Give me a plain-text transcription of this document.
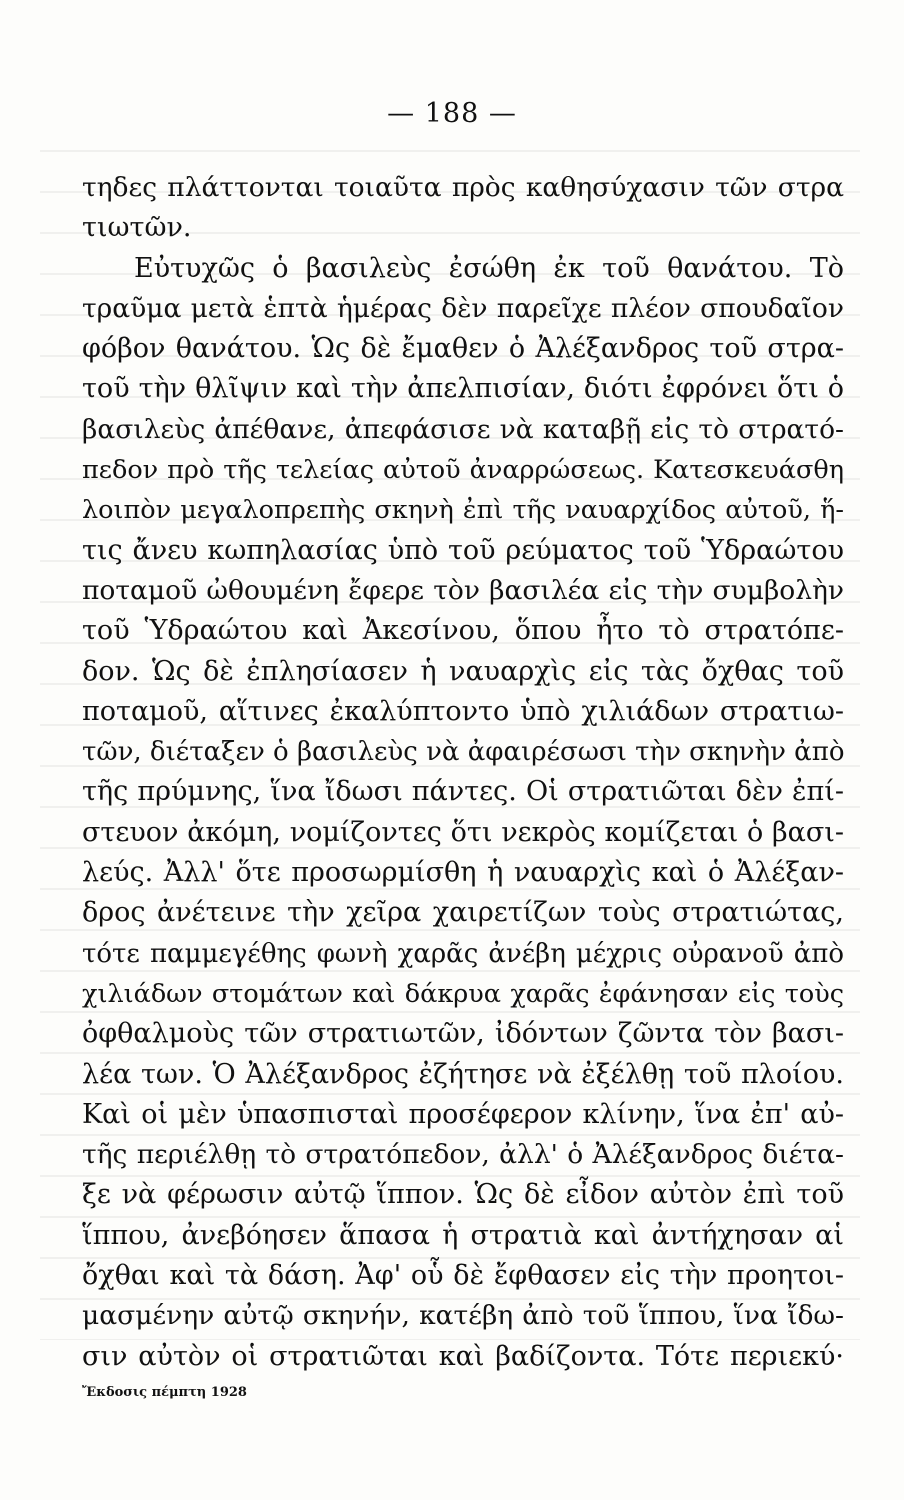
— 188 —
τηδες πλάττονται τοιαῦτα πρὸς καθησύχασιν τῶν στρα
τιωτῶν.
Εὐτυχῶς ὁ βασιλεὺς ἐσώθη ἐκ τοῦ θανάτου. Τὸ
τραῦμα μετὰ ἑπτὰ ἡμέρας δὲν παρεῖχε πλέον σπουδαῖον
φόβον θανάτου. Ὡς δὲ ἔμαθεν ὁ Ἀλέξανδρος τοῦ στρα-
τοῦ τὴν θλῖψιν καὶ τὴν ἀπελπισίαν, διότι ἐφρόνει ὅτι ὁ
βασιλεὺς ἀπέθανε, ἀπεφάσισε νὰ καταβῇ εἰς τὸ στρατό-
πεδον πρὸ τῆς τελείας αὐτοῦ ἀναρρώσεως. Κατεσκευάσθη
λοιπὸν μεγαλοπρεπὴς σκηνὴ ἐπὶ τῆς ναυαρχίδος αὐτοῦ, ἥ-
τις ἄνευ κωπηλασίας ὑπὸ τοῦ ρεύματος τοῦ Ὑδραώτου
ποταμοῦ ὠθουμένη ἔφερε τὸν βασιλέα εἰς τὴν συμβολὴν
τοῦ Ὑδραώτου καὶ Ἀκεσίνου, ὅπου ἦτο τὸ στρατόπε-
δον. Ὡς δὲ ἐπλησίασεν ἡ ναυαρχὶς εἰς τὰς ὄχθας τοῦ
ποταμοῦ, αἵτινες ἐκαλύπτοντο ὑπὸ χιλιάδων στρατιω-
τῶν, διέταξεν ὁ βασιλεὺς νὰ ἀφαιρέσωσι τὴν σκηνὴν ἀπὸ
τῆς πρύμνης, ἵνα ἴδωσι πάντες. Οἱ στρατιῶται δὲν ἐπί-
στευον ἀκόμη, νομίζοντες ὅτι νεκρὸς κομίζεται ὁ βασι-
λεύς. Ἀλλ' ὅτε προσωρμίσθη ἡ ναυαρχὶς καὶ ὁ Ἀλέξαν-
δρος ἀνέτεινε τὴν χεῖρα χαιρετίζων τοὺς στρατιώτας,
τότε παμμεγέθης φωνὴ χαρᾶς ἀνέβη μέχρις οὐρανοῦ ἀπὸ
χιλιάδων στομάτων καὶ δάκρυα χαρᾶς ἐφάνησαν εἰς τοὺς
ὀφθαλμοὺς τῶν στρατιωτῶν, ἰδόντων ζῶντα τὸν βασι-
λέα των. Ὁ Ἀλέξανδρος ἐζήτησε νὰ ἐξέλθῃ τοῦ πλοίου.
Καὶ οἱ μὲν ὑπασπισταὶ προσέφερον κλίνην, ἵνα ἐπ' αὐ-
τῆς περιέλθῃ τὸ στρατόπεδον, ἀλλ' ὁ Ἀλέξανδρος διέτα-
ξε νὰ φέρωσιν αὐτῷ ἵππον. Ὡς δὲ εἶδον αὐτὸν ἐπὶ τοῦ
ἵππου, ἀνεβόησεν ἅπασα ἡ στρατιὰ καὶ ἀντήχησαν αἱ
ὄχθαι καὶ τὰ δάση. Ἀφ' οὗ δὲ ἔφθασεν εἰς τὴν προητοι-
μασμένην αὐτῷ σκηνήν, κατέβη ἀπὸ τοῦ ἵππου, ἵνα ἴδω-
σιν αὐτὸν οἱ στρατιῶται καὶ βαδίζοντα. Τότε περιεκύ·
Ἔκδοσις πέμπτη 1928
